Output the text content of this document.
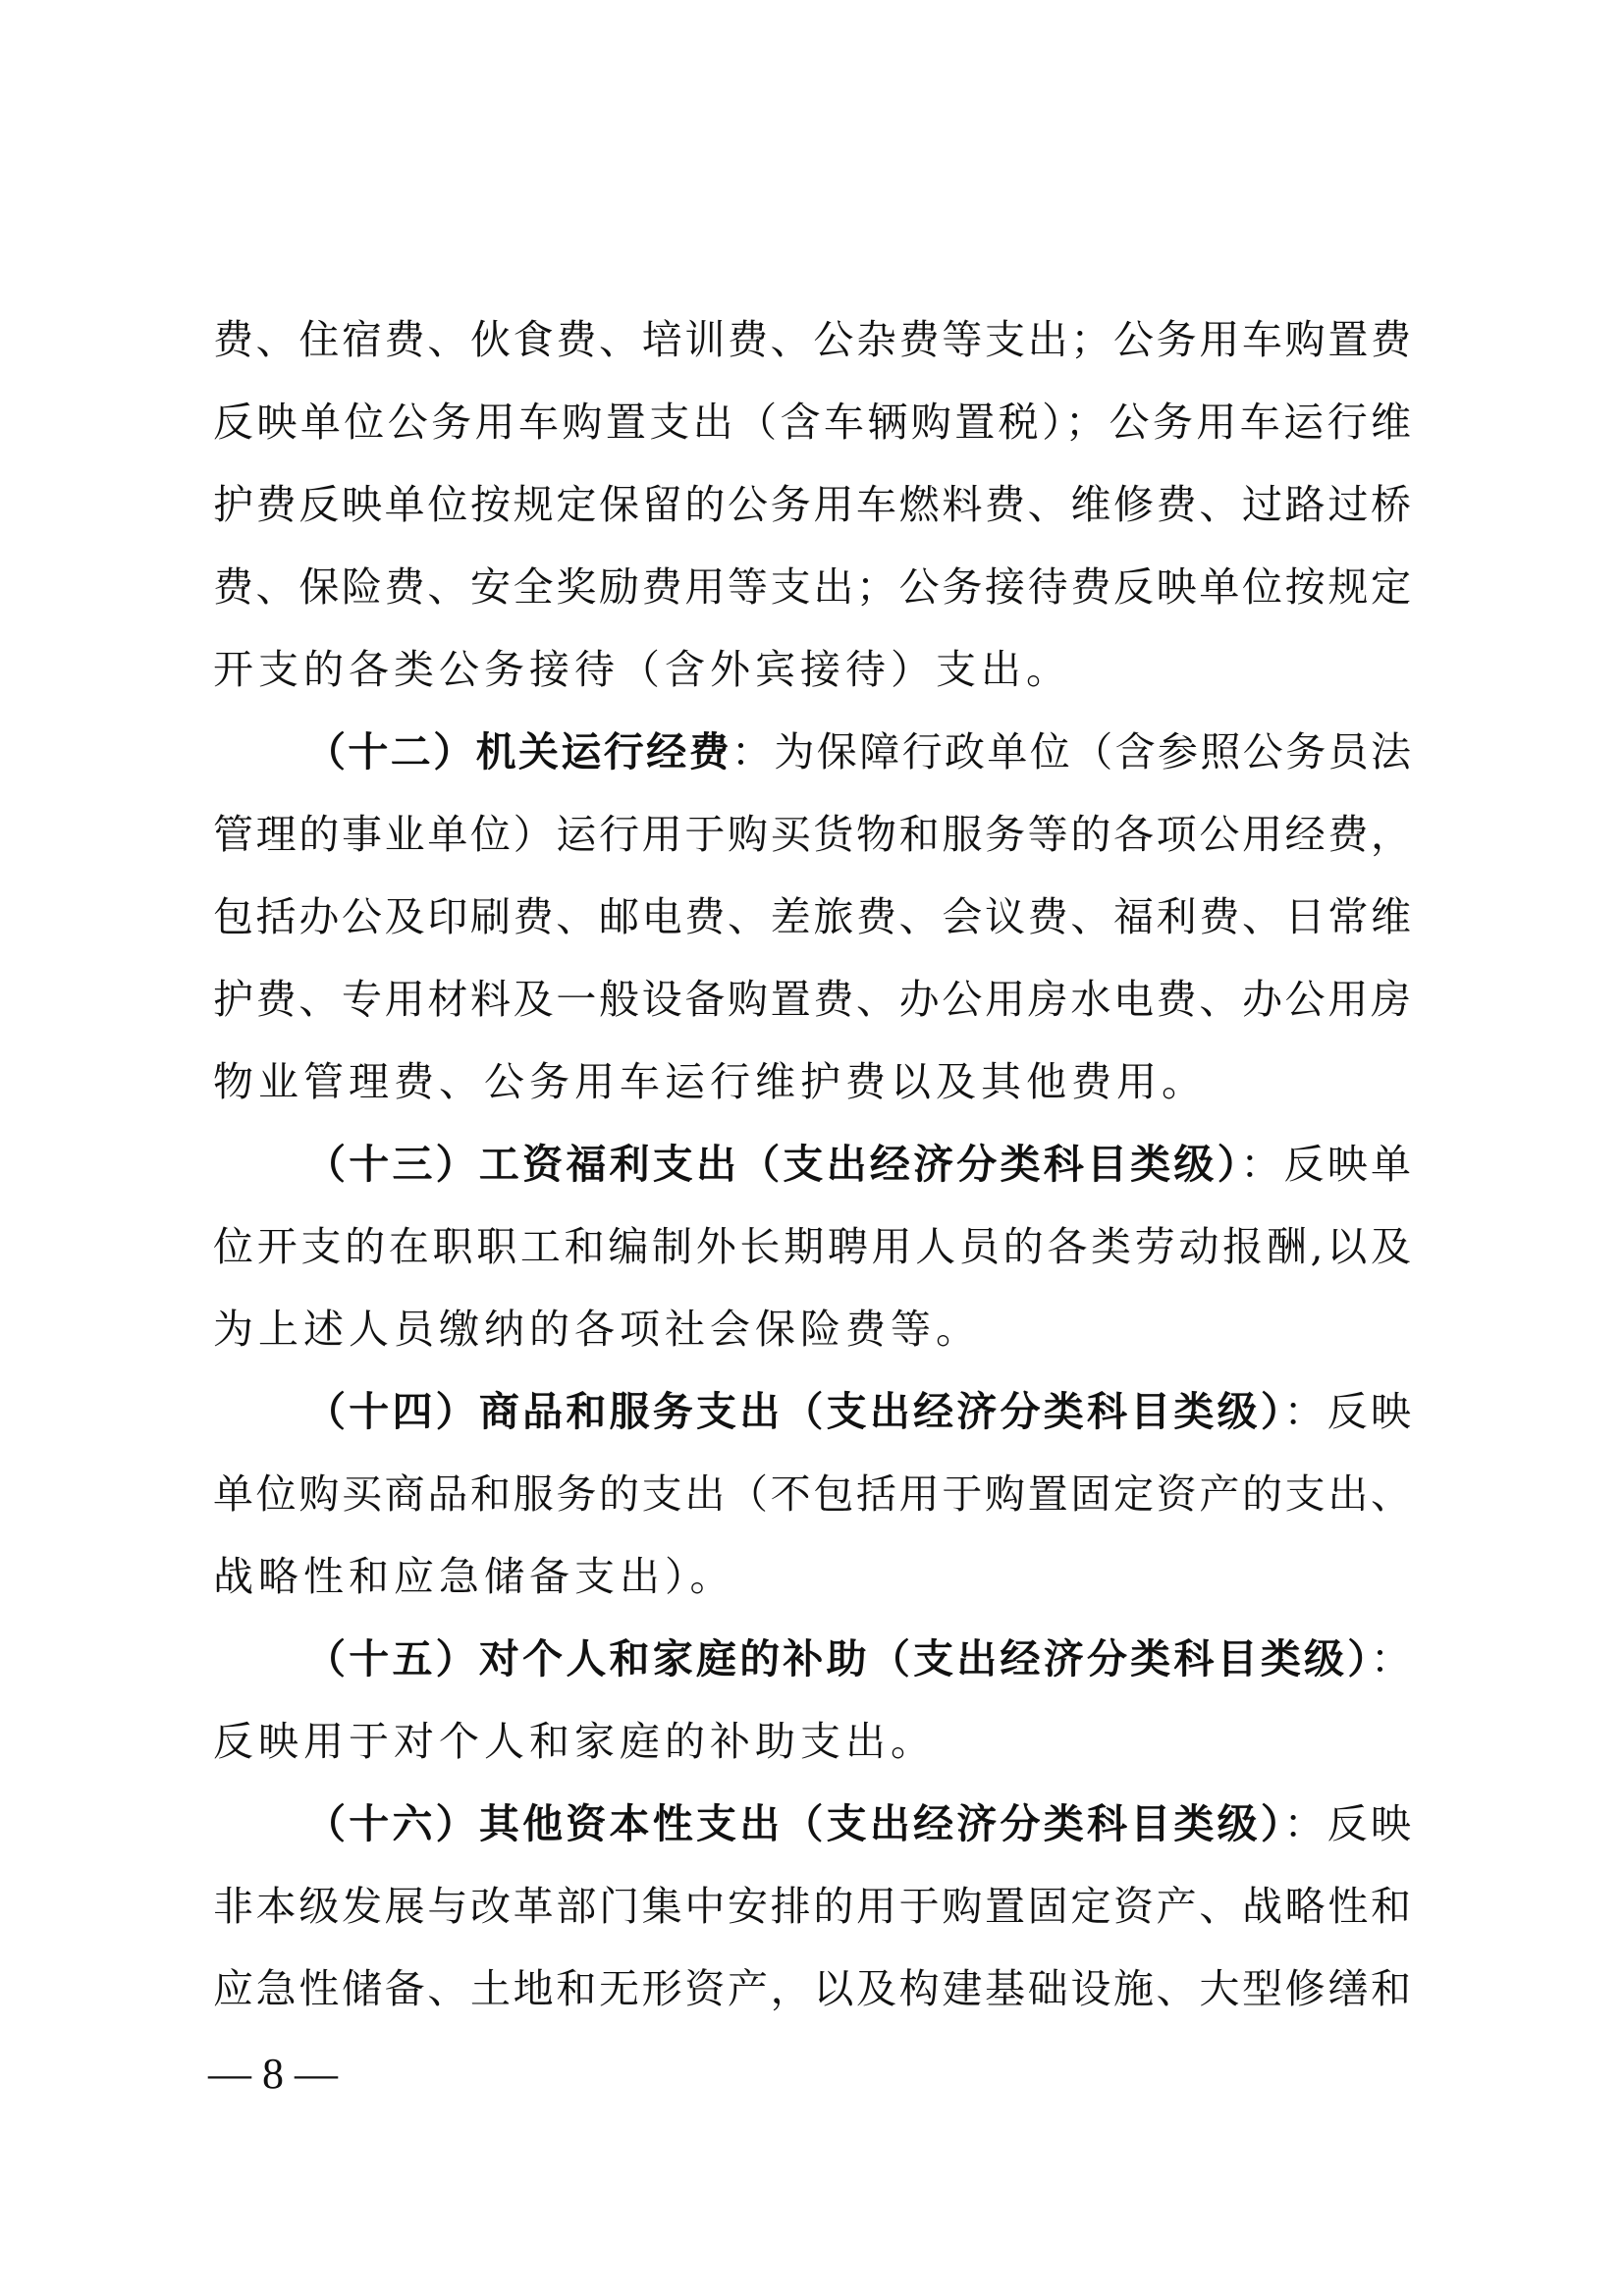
费、住宿费、伙食费、培训费、公杂费等支出；公务用车购置费
反映单位公务用车购置支出（含车辆购置税）；公务用车运行维
护费反映单位按规定保留的公务用车燃料费、维修费、过路过桥
费、保险费、安全奖励费用等支出；公务接待费反映单位按规定
开支的各类公务接待（含外宾接待）支出。
（十二）机关运行经费：为保障行政单位（含参照公务员法
管理的事业单位）运行用于购买货物和服务等的各项公用经费，
包括办公及印刷费、邮电费、差旅费、会议费、福利费、日常维
护费、专用材料及一般设备购置费、办公用房水电费、办公用房
物业管理费、公务用车运行维护费以及其他费用。
（十三）工资福利支出（支出经济分类科目类级）：反映单
位开支的在职职工和编制外长期聘用人员的各类劳动报酬,以及
为上述人员缴纳的各项社会保险费等。
（十四）商品和服务支出（支出经济分类科目类级）：反映
单位购买商品和服务的支出（不包括用于购置固定资产的支出、
战略性和应急储备支出）。
（十五）对个人和家庭的补助（支出经济分类科目类级）：
反映用于对个人和家庭的补助支出。
（十六）其他资本性支出（支出经济分类科目类级）：反映
非本级发展与改革部门集中安排的用于购置固定资产、战略性和
应急性储备、土地和无形资产，以及构建基础设施、大型修缮和
— 8 —
